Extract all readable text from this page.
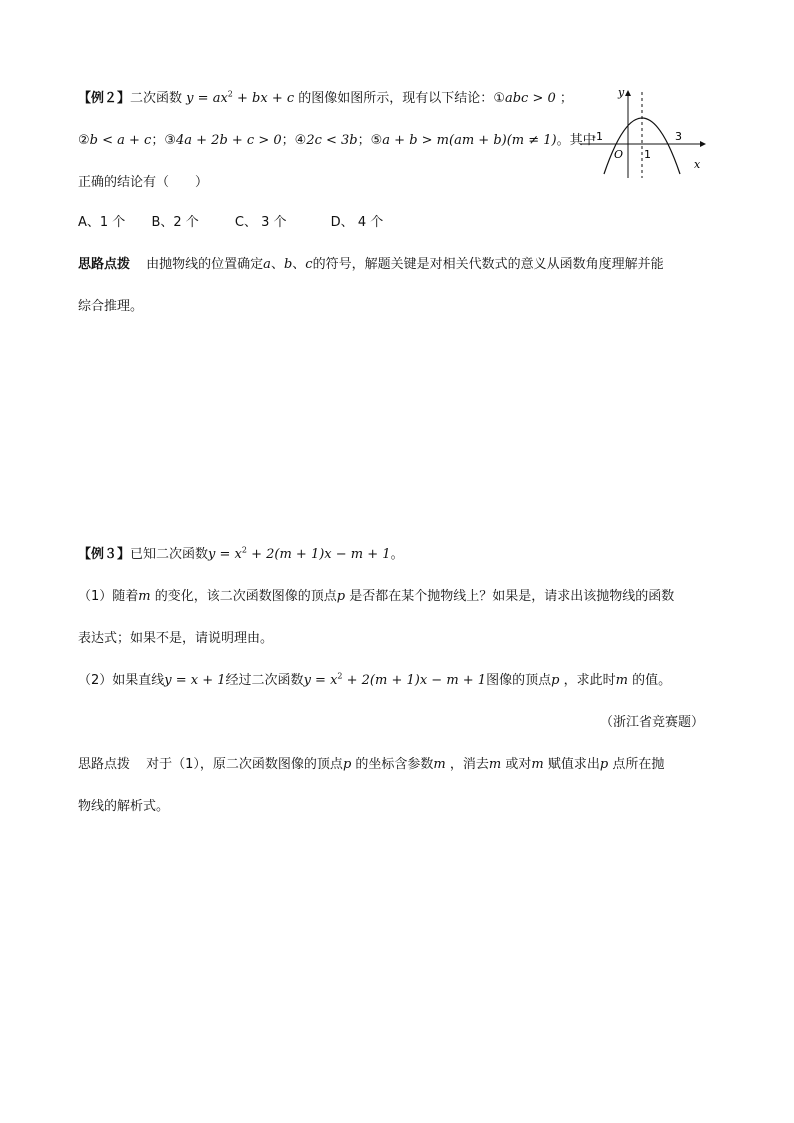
【例２】二次函数 $y = ax^2$ + bx + c 的图像如图所示，现有以下结论：①abc > 0 ；
②b < a + c；③4a + 2b + c > 0；④2c < 3b；⑤a + b > m(am + b)(m ≠ 1)。其中
正确的结论有（　　）
A、1 个 B、2 个	C、 3 个	D、 4 个
思路点拨 由抛物线的位置确定a、b、c的符号，解题关键是对相关代数式的意义从函数角度理解并能
综合推理。
y
x
-1
O 1
3
【例３】已知二次函数$y = x^2 + 2(m + 1)x - m + 1$。
（1）随着m 的变化，该二次函数图像的顶点p 是否都在某个抛物线上？如果是，请求出该抛物线的函数
表达式；如果不是，请说明理由。
（2）如果直线y = x + 1经过二次函数$y = x^2 + 2(m + 1)x - m + 1$图像的顶点p ，求此时m 的值。
（浙江省竞赛题）
思路点拨 对于（1），原二次函数图像的顶点p 的坐标含参数m ，消去m 或对m 赋值求出p 点所在抛
物线的解析式。
